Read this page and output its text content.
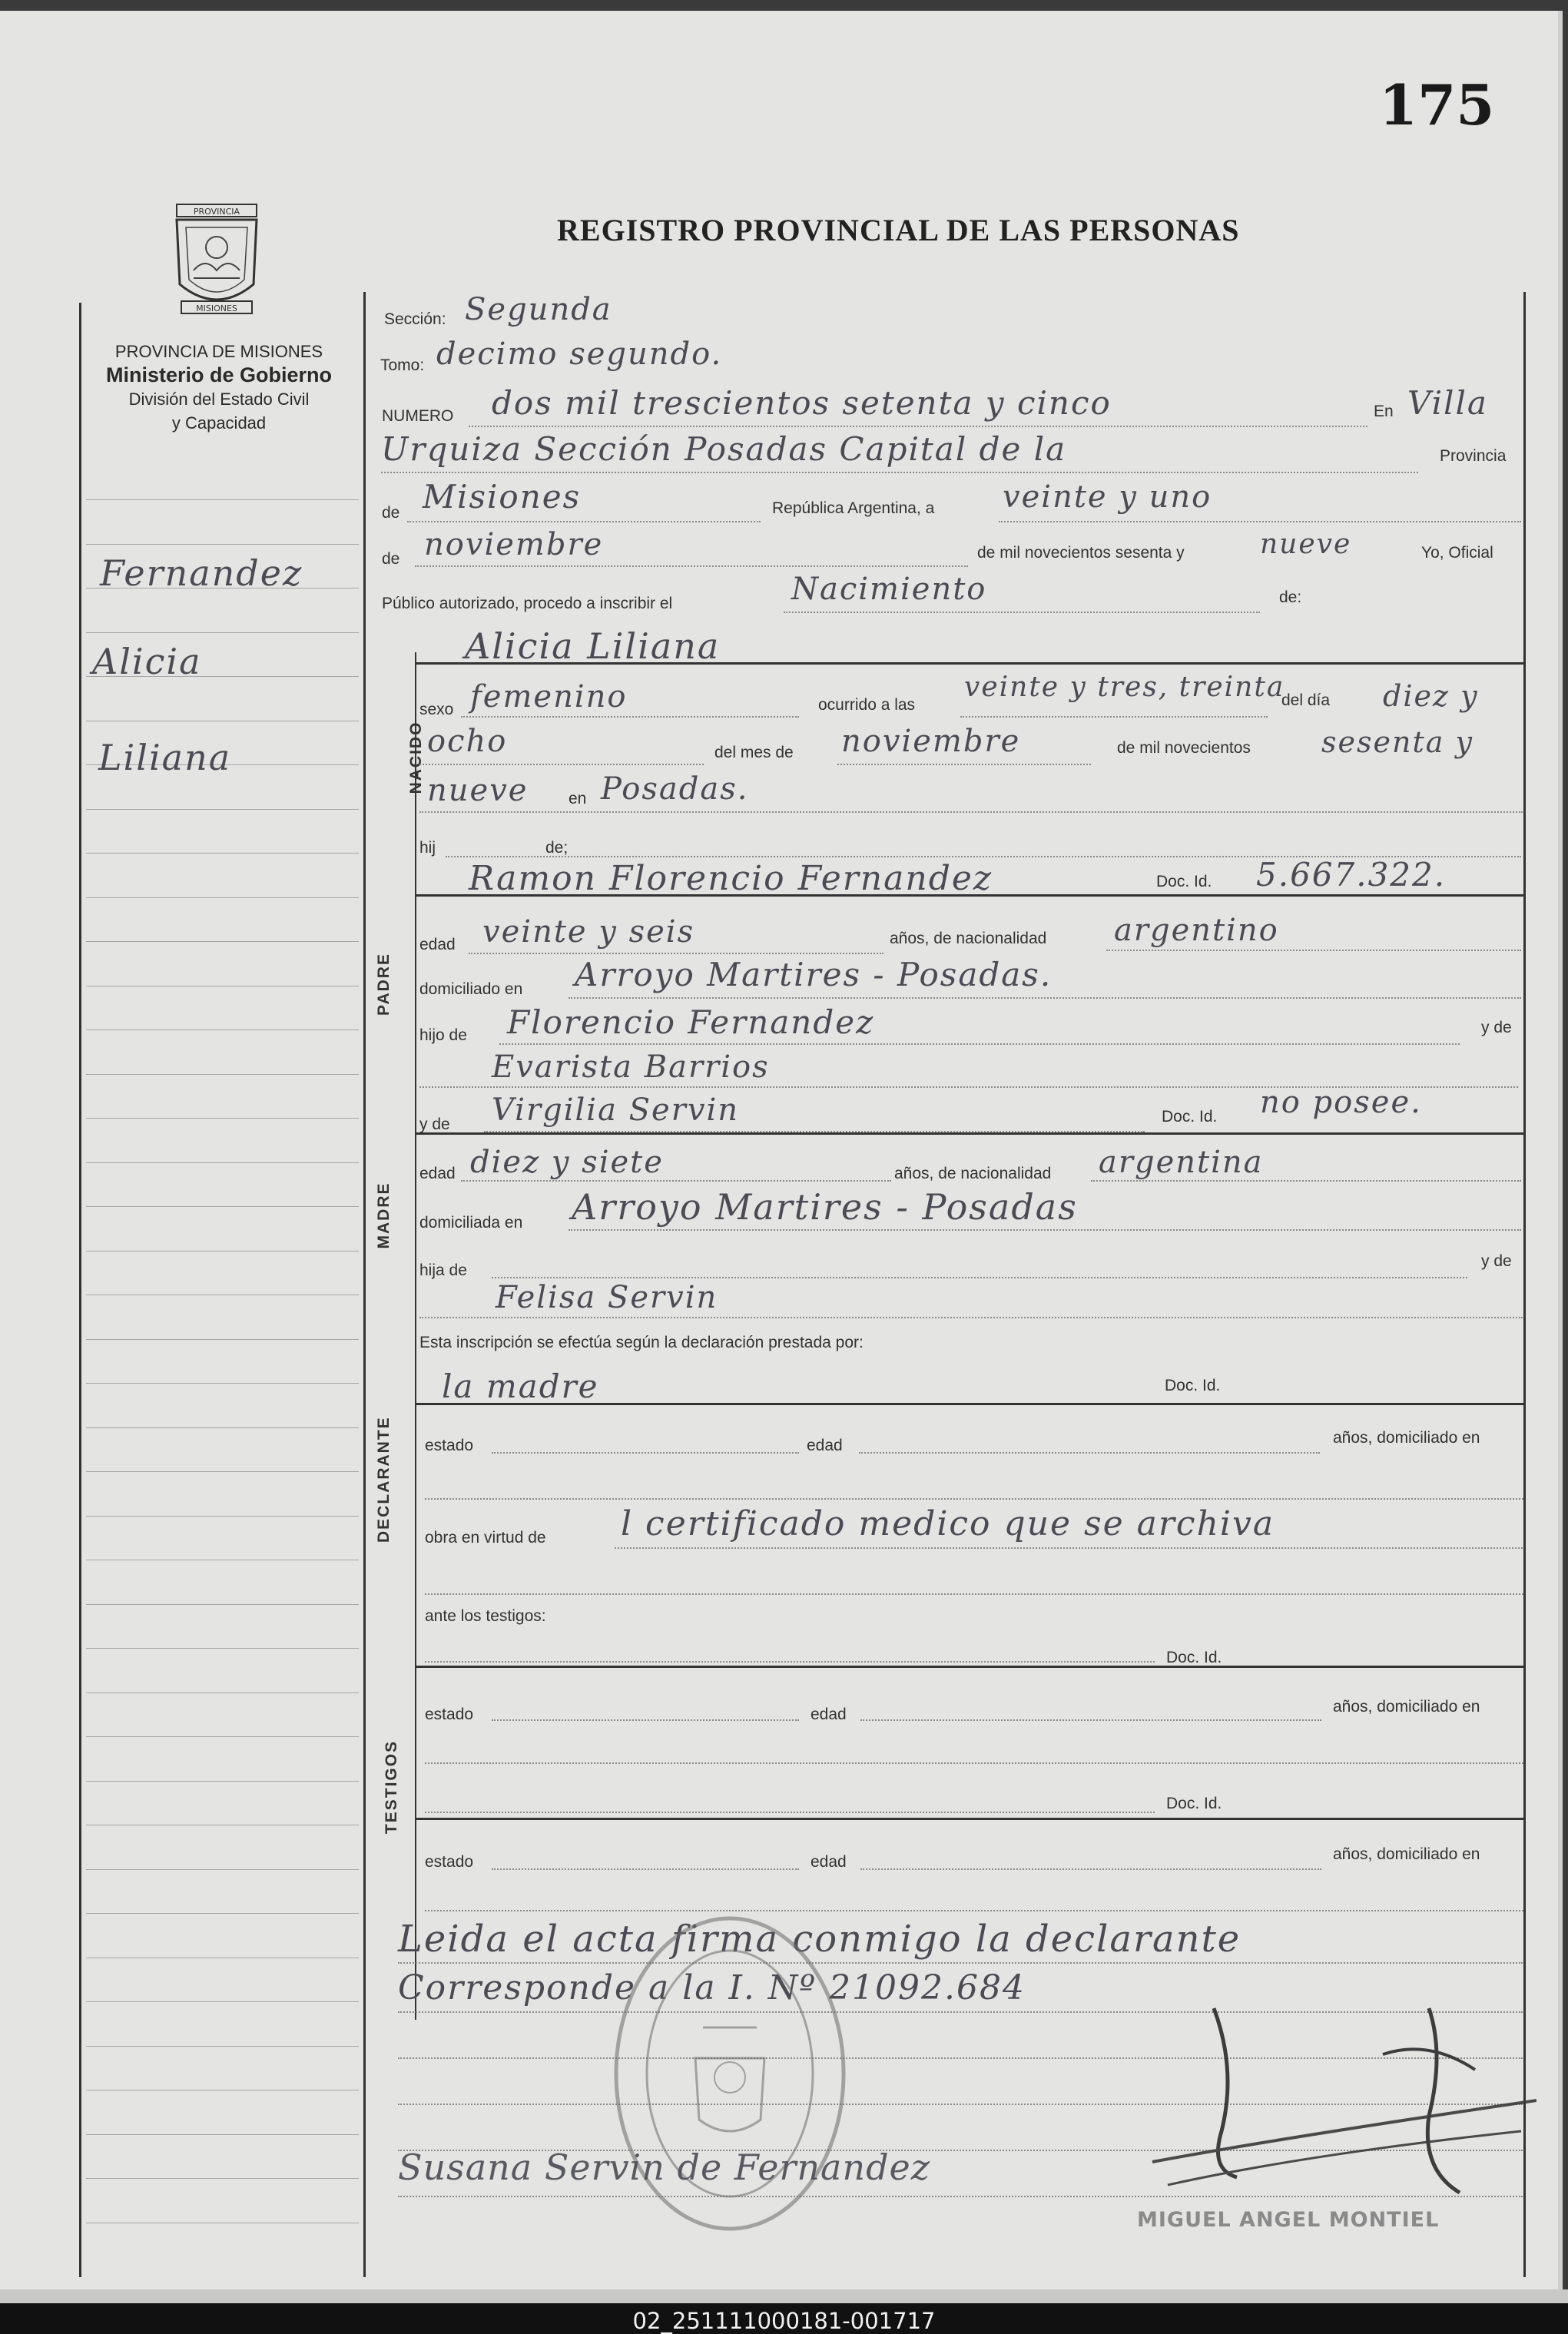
175
REGISTRO PROVINCIAL DE LAS PERSONAS
PROVINCIA
MISIONES
PROVINCIA DE MISIONES
Ministerio de Gobierno
División del Estado Civil
y Capacidad
Fernandez
Alicia
Liliana
Sección: Segunda
Tomo: decimo segundo.
NUMERO dos mil trescientos setenta y cinco	En Villa
Urquiza Sección Posadas Capital de la	Provincia
de Misiones	República Argentina, a veinte y uno
de noviembre	de mil novecientos sesenta y	nueve	Yo, Oficial
Público autorizado, procedo a inscribir el	Nacimiento	de:
NACIDO
Alicia Liliana
sexo femenino	ocurrido a las
veinte y tres, treinta
del día diez y
ocho	del mes de noviembre	de mil novecientos sesenta y
nueve	en Posadas.
hij	de;
Ramon Florencio Fernandez	Doc. Id. 5.667.322.
PADRE
edad veinte y seis	años, de nacionalidad argentino
domiciliado en Arroyo Martires - Posadas.
hijo de Florencio Fernandez	y de
Evarista Barrios
y de Virgilia Servin	Doc. Id. no posee.
MADRE
edad diez y siete	años, de nacionalidad argentina
domiciliada en Arroyo Martires - Posadas
hija de
y de
Felisa Servin
Esta inscripción se efectúa según la declaración prestada por:
la madre	Doc. Id.
DECLARANTE estado	edad	años, domiciliado en
obra en virtud de l certificado medico que se archiva
ante los testigos:
Doc. Id.
TESTIGOS
estado	edad	años, domiciliado en
Doc. Id.
estado	edad	años, domiciliado en
Leida el acta firma conmigo la declarante
Corresponde a la I. Nº 21092.684
Susana Servin de Fernandez
MIGUEL ANGEL MONTIEL
02_251111000181-001717
